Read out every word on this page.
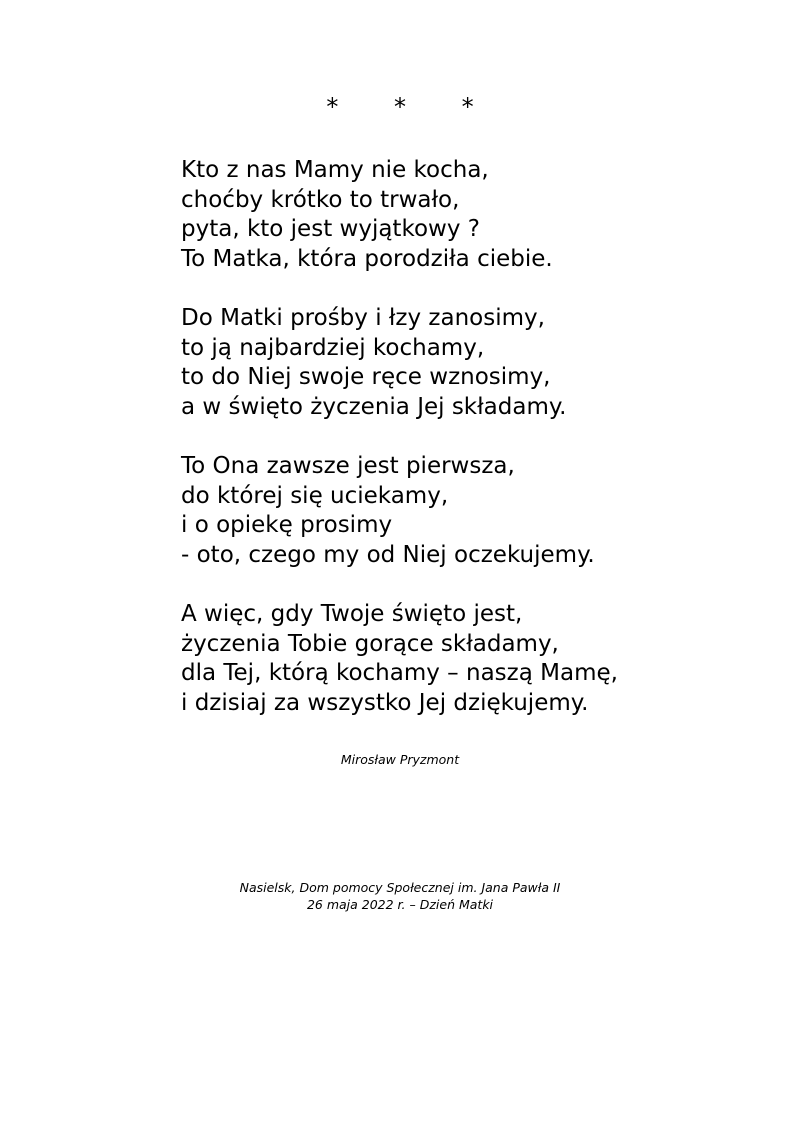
* * *
Kto z nas Mamy nie kocha,
choćby krótko to trwało,
pyta, kto jest wyjątkowy ?
To Matka, która porodziła ciebie.
Do Matki prośby i łzy zanosimy,
to ją najbardziej kochamy,
to do Niej swoje ręce wznosimy,
a w święto życzenia Jej składamy.
To Ona zawsze jest pierwsza,
do której się uciekamy,
i o opiekę prosimy
- oto, czego my od Niej oczekujemy.
A więc, gdy Twoje święto jest,
życzenia Tobie gorące składamy,
dla Tej, którą kochamy – naszą Mamę,
i dzisiaj za wszystko Jej dziękujemy.
Mirosław Pryzmont
Nasielsk, Dom pomocy Społecznej im. Jana Pawła II
26 maja 2022 r. – Dzień Matki
